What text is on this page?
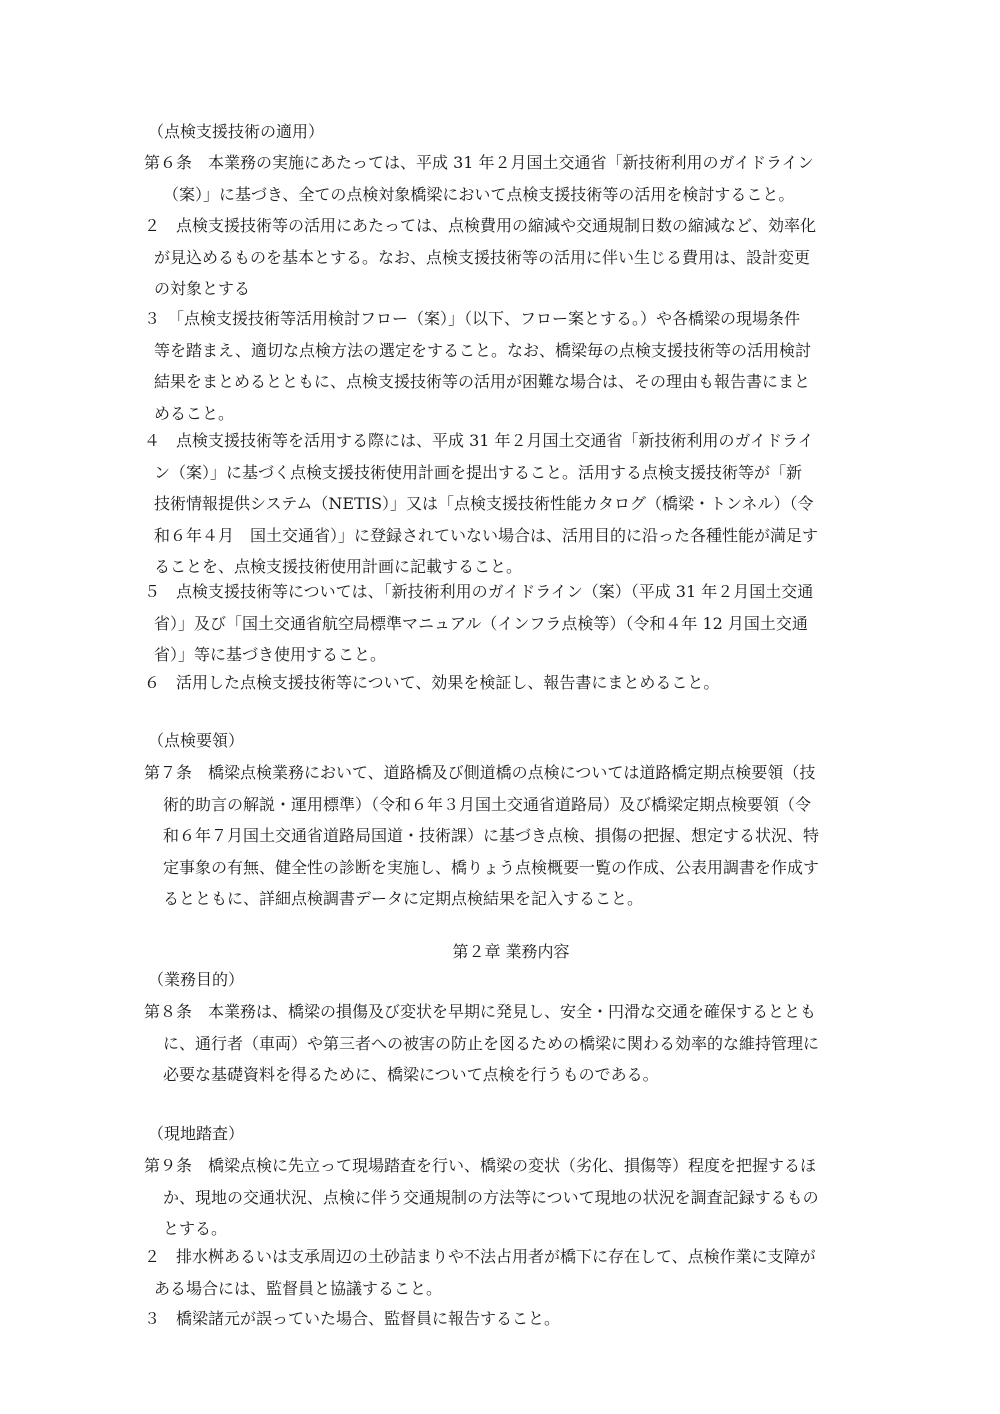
（点検支援技術の適用）
第６条　本業務の実施にあたっては、平成 31 年２月国土交通省「新技術利用のガイドライン
（案）」に基づき、全ての点検対象橋梁において点検支援技術等の活用を検討すること。
２　点検支援技術等の活用にあたっては、点検費用の縮減や交通規制日数の縮減など、効率化
が見込めるものを基本とする。なお、点検支援技術等の活用に伴い生じる費用は、設計変更
の対象とする
３　「点検支援技術等活用検討フロー（案）」（以下、フロー案とする。）や各橋梁の現場条件
等を踏まえ、適切な点検方法の選定をすること。なお、橋梁毎の点検支援技術等の活用検討
結果をまとめるとともに、点検支援技術等の活用が困難な場合は、その理由も報告書にまと
めること。
４　点検支援技術等を活用する際には、平成 31 年２月国土交通省「新技術利用のガイドライ
ン（案）」に基づく点検支援技術使用計画を提出すること。活用する点検支援技術等が「新
技術情報提供システム（NETIS）」又は「点検支援技術性能カタログ（橋梁・トンネル）（令
和６年４月　国土交通省）」に登録されていない場合は、活用目的に沿った各種性能が満足す
ることを、点検支援技術使用計画に記載すること。
５　点検支援技術等については、「新技術利用のガイドライン（案）（平成 31 年２月国土交通
省）」及び「国土交通省航空局標準マニュアル（インフラ点検等）（令和４年 12 月国土交通
省）」等に基づき使用すること。
６　活用した点検支援技術等について、効果を検証し、報告書にまとめること。
（点検要領）
第７条　橋梁点検業務において、道路橋及び側道橋の点検については道路橋定期点検要領（技
術的助言の解説・運用標準）（令和６年３月国土交通省道路局）及び橋梁定期点検要領（令
和６年７月国土交通省道路局国道・技術課）に基づき点検、損傷の把握、想定する状況、特
定事象の有無、健全性の診断を実施し、橋りょう点検概要一覧の作成、公表用調書を作成す
るとともに、詳細点検調書データに定期点検結果を記入すること。
第２章 業務内容
（業務目的）
第８条　本業務は、橋梁の損傷及び変状を早期に発見し、安全・円滑な交通を確保するととも
に、通行者（車両）や第三者への被害の防止を図るための橋梁に関わる効率的な維持管理に
必要な基礎資料を得るために、橋梁について点検を行うものである。
（現地踏査）
第９条　橋梁点検に先立って現場踏査を行い、橋梁の変状（劣化、損傷等）程度を把握するほ
か、現地の交通状況、点検に伴う交通規制の方法等について現地の状況を調査記録するもの
とする。
２　排水桝あるいは支承周辺の土砂詰まりや不法占用者が橋下に存在して、点検作業に支障が
ある場合には、監督員と協議すること。
３　橋梁諸元が誤っていた場合、監督員に報告すること。
